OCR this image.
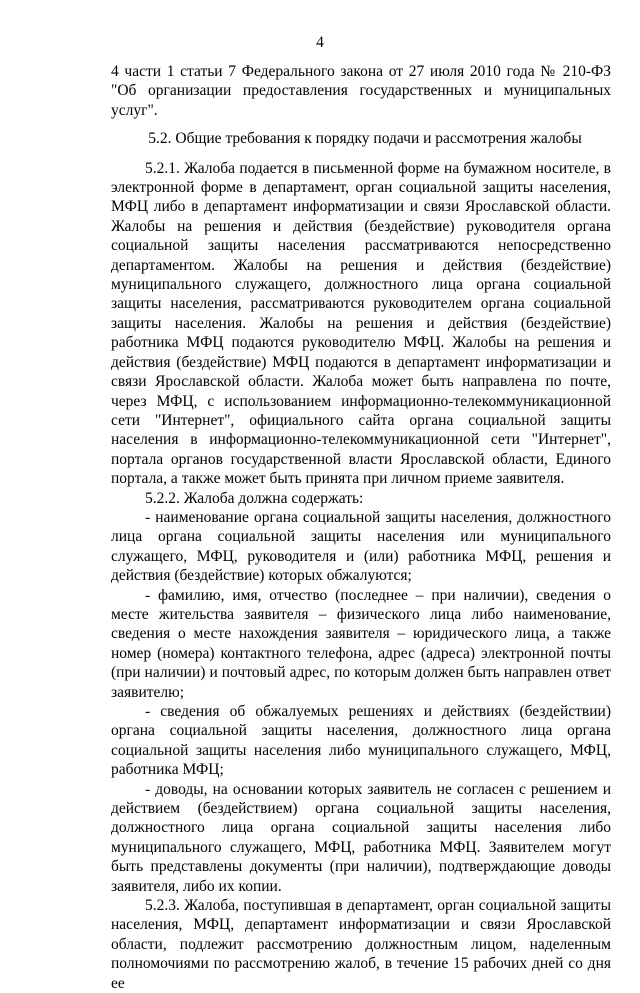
4

4 части 1 статьи 7 Федерального закона от 27 июля 2010 года № 210-ФЗ "Об организации предоставления государственных и муниципальных услуг".

5.2. Общие требования к порядку подачи и рассмотрения жалобы

5.2.1. Жалоба подается в письменной форме на бумажном носителе, в электронной форме в департамент, орган социальной защиты населения, МФЦ либо в департамент информатизации и связи Ярославской области. Жалобы на решения и действия (бездействие) руководителя органа социальной защиты населения рассматриваются непосредственно департаментом. Жалобы на решения и действия (бездействие) муниципального служащего, должностного лица органа социальной защиты населения, рассматриваются руководителем органа социальной защиты населения. Жалобы на решения и действия (бездействие) работника МФЦ подаются руководителю МФЦ. Жалобы на решения и действия (бездействие) МФЦ подаются в департамент информатизации и связи Ярославской области. Жалоба может быть направлена по почте, через МФЦ, с использованием информационно-телекоммуникационной сети "Интернет", официального сайта органа социальной защиты населения в информационно-телекоммуникационной сети "Интернет", портала органов государственной власти Ярославской области, Единого портала, а также может быть принята при личном приеме заявителя.

5.2.2. Жалоба должна содержать:

- наименование органа социальной защиты населения, должностного лица органа социальной защиты населения или муниципального служащего, МФЦ, руководителя и (или) работника МФЦ, решения и действия (бездействие) которых обжалуются;

- фамилию, имя, отчество (последнее – при наличии), сведения о месте жительства заявителя – физического лица либо наименование, сведения о месте нахождения заявителя – юридического лица, а также номер (номера) контактного телефона, адрес (адреса) электронной почты (при наличии) и почтовый адрес, по которым должен быть направлен ответ заявителю;

- сведения об обжалуемых решениях и действиях (бездействии) органа социальной защиты населения, должностного лица органа социальной защиты населения либо муниципального служащего, МФЦ, работника МФЦ;

- доводы, на основании которых заявитель не согласен с решением и действием (бездействием) органа социальной защиты населения, должностного лица органа социальной защиты населения либо муниципального служащего, МФЦ, работника МФЦ. Заявителем могут быть представлены документы (при наличии), подтверждающие доводы заявителя, либо их копии.

5.2.3. Жалоба, поступившая в департамент, орган социальной защиты населения, МФЦ, департамент информатизации и связи Ярославской области, подлежит рассмотрению должностным лицом, наделенным полномочиями по рассмотрению жалоб, в течение 15 рабочих дней со дня ее
